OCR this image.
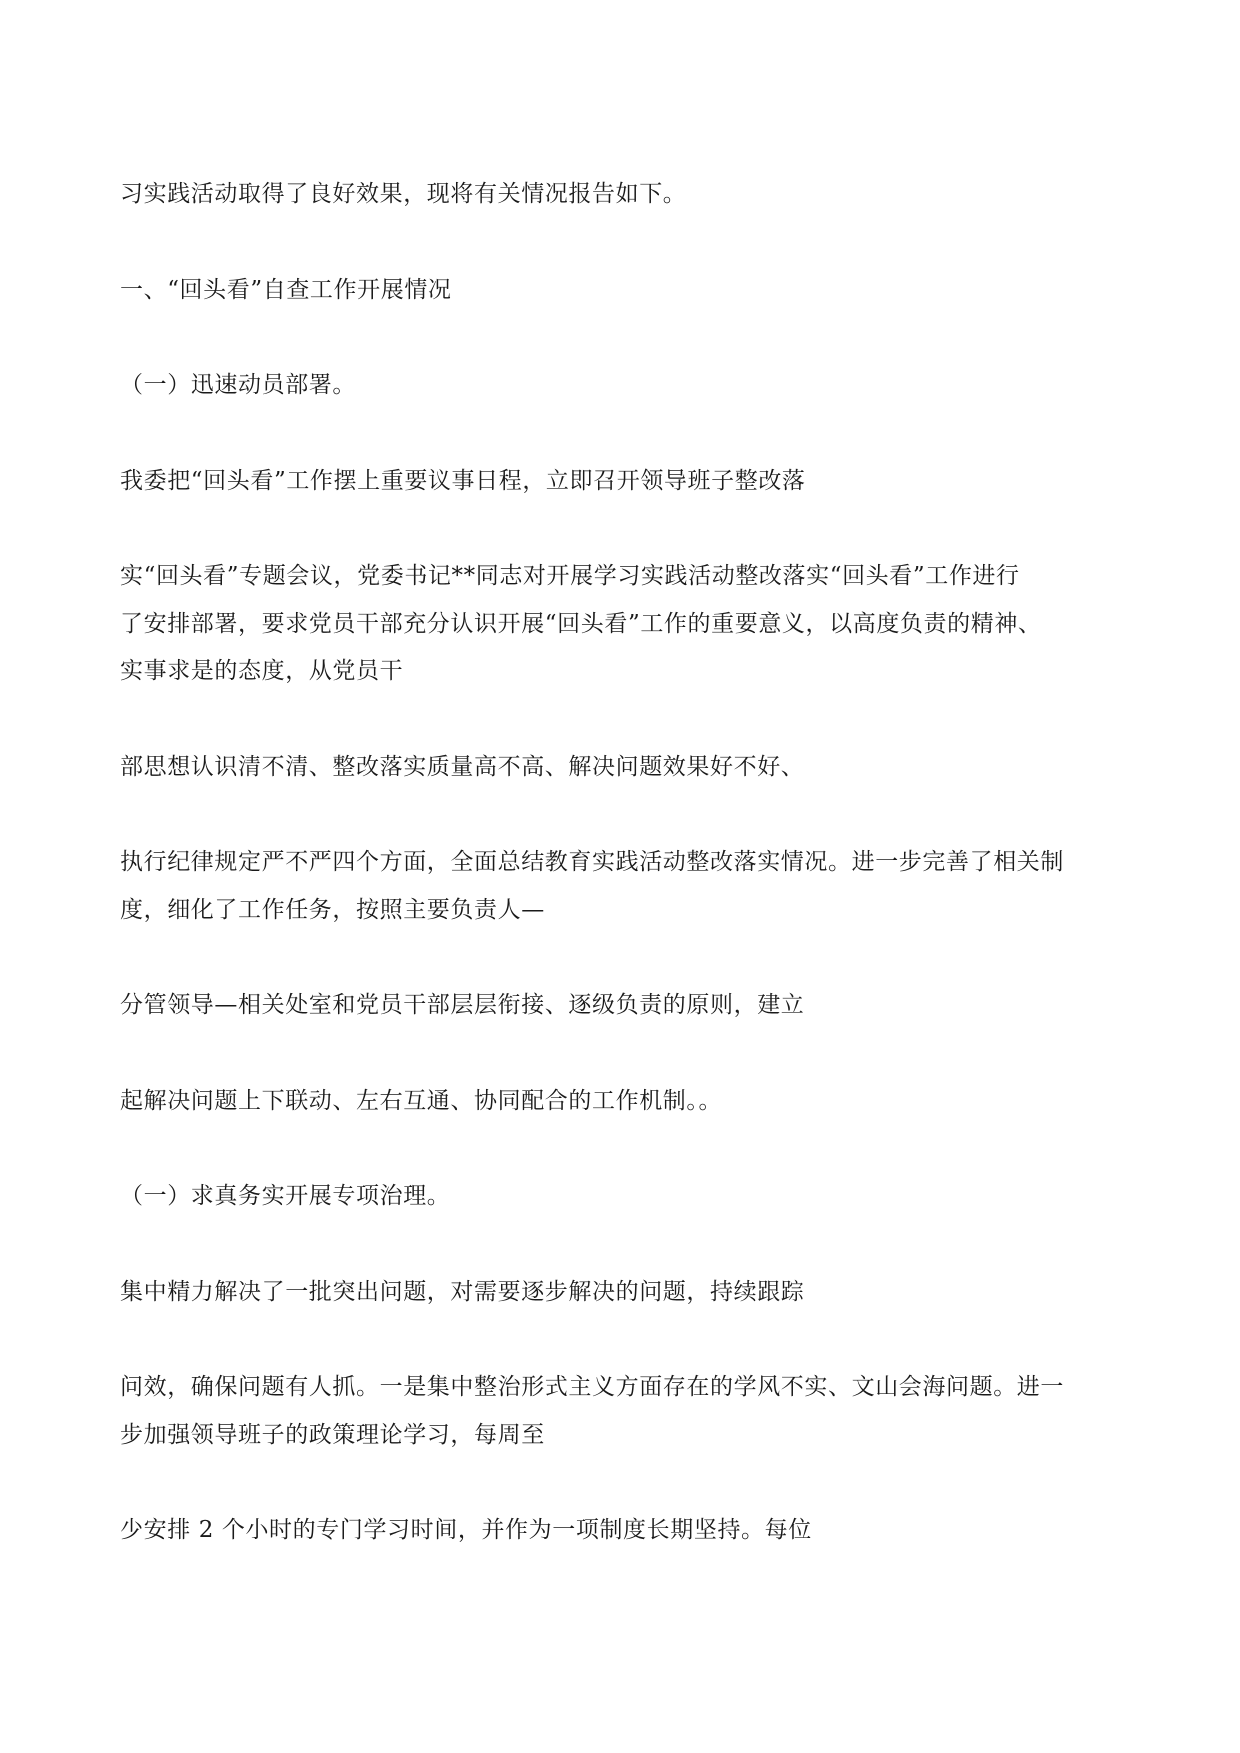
习实践活动取得了良好效果，现将有关情况报告如下。
一、“回头看”自查工作开展情况
（一）迅速动员部署。
我委把“回头看”工作摆上重要议事日程，立即召开领导班子整改落
实“回头看”专题会议，党委书记**同志对开展学习实践活动整改落实“回头看”工作进行
了安排部署，要求党员干部充分认识开展“回头看”工作的重要意义，以高度负责的精神、
实事求是的态度，从党员干
部思想认识清不清、整改落实质量高不高、解决问题效果好不好、
执行纪律规定严不严四个方面，全面总结教育实践活动整改落实情况。进一步完善了相关制
度，细化了工作任务，按照主要负责人—
分管领导—相关处室和党员干部层层衔接、逐级负责的原则，建立
起解决问题上下联动、左右互通、协同配合的工作机制。。
（一）求真务实开展专项治理。
集中精力解决了一批突出问题，对需要逐步解决的问题，持续跟踪
问效，确保问题有人抓。一是集中整治形式主义方面存在的学风不实、文山会海问题。进一
步加强领导班子的政策理论学习，每周至
少安排 2 个小时的专门学习时间，并作为一项制度长期坚持。每位
